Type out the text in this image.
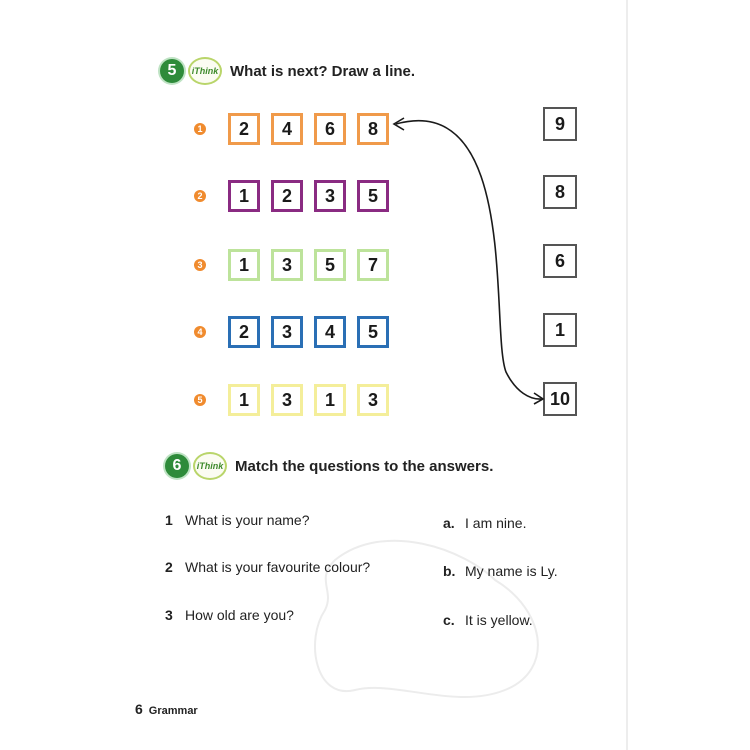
5	iThink What is next? Draw a line.
1	2	4	6	8
2	1	2	3	5
3	1	3	5	7
4	2	3	4	5
5	1	3	1	3
9
8
6
1
10
6	iThink Match the questions to the answers.
1 What is your name?
2 What is your favourite colour?
3 How old are you?
a. I am nine.
b. My name is Ly.
c. It is yellow.
6 Grammar
